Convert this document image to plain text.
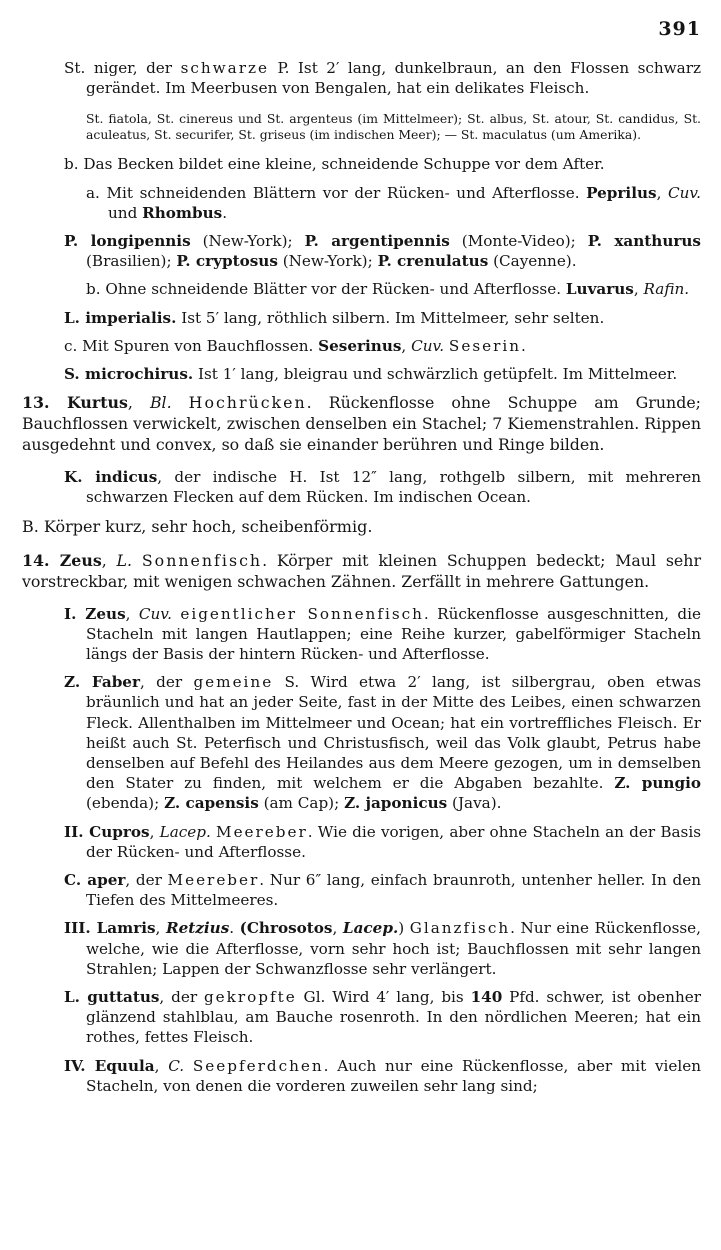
391

St. niger, der schwarze P. Ist 2′ lang, dunkelbraun, an den Flossen schwarz gerändet. Im Meerbusen von Bengalen, hat ein delikates Fleisch.

St. fiatola, St. cinereus und St. argenteus (im Mittelmeer); St. albus, St. atour, St. candidus, St. aculeatus, St. securifer, St. griseus (im indischen Meer); — St. maculatus (um Amerika).

b. Das Becken bildet eine kleine, schneidende Schuppe vor dem After.

a. Mit schneidenden Blättern vor der Rücken- und Afterflosse. Peprilus, Cuv. und Rhombus.

P. longipennis (New-York); P. argentipennis (Monte-Video); P. xanthurus (Brasilien); P. cryptosus (New-York); P. crenulatus (Cayenne).

b. Ohne schneidende Blätter vor der Rücken- und Afterflosse. Luvarus, Rafin.

L. imperialis. Ist 5′ lang, röthlich silbern. Im Mittelmeer, sehr selten.

c. Mit Spuren von Bauchflossen. Seserinus, Cuv. Seserin.

S. microchirus. Ist 1′ lang, bleigrau und schwärzlich getüpfelt. Im Mittelmeer.

13. Kurtus, Bl. Hochrücken. Rückenflosse ohne Schuppe am Grunde; Bauchflossen verwickelt, zwischen denselben ein Stachel; 7 Kiemenstrahlen. Rippen ausgedehnt und convex, so daß sie einander berühren und Ringe bilden.

K. indicus, der indische H. Ist 12″ lang, rothgelb silbern, mit mehreren schwarzen Flecken auf dem Rücken. Im indischen Ocean.

B. Körper kurz, sehr hoch, scheibenförmig.

14. Zeus, L. Sonnenfisch. Körper mit kleinen Schuppen bedeckt; Maul sehr vorstreckbar, mit wenigen schwachen Zähnen. Zerfällt in mehrere Gattungen.

I. Zeus, Cuv. eigentlicher Sonnenfisch. Rückenflosse ausgeschnitten, die Stacheln mit langen Hautlappen; eine Reihe kurzer, gabelförmiger Stacheln längs der Basis der hintern Rücken- und Afterflosse.

Z. Faber, der gemeine S. Wird etwa 2′ lang, ist silbergrau, oben etwas bräunlich und hat an jeder Seite, fast in der Mitte des Leibes, einen schwarzen Fleck. Allenthalben im Mittelmeer und Ocean; hat ein vortreffliches Fleisch. Er heißt auch St. Peterfisch und Christusfisch, weil das Volk glaubt, Petrus habe denselben auf Befehl des Heilandes aus dem Meere gezogen, um in demselben den Stater zu finden, mit welchem er die Abgaben bezahlte. Z. pungio (ebenda); Z. capensis (am Cap); Z. japonicus (Java).

II. Cupros, Lacep. Meereber. Wie die vorigen, aber ohne Stacheln an der Basis der Rücken- und Afterflosse.

C. aper, der Meereber. Nur 6″ lang, einfach braunroth, untenher heller. In den Tiefen des Mittelmeeres.

III. Lamris, Retzius. (Chrosotos, Lacep.) Glanzfisch. Nur eine Rückenflosse, welche, wie die Afterflosse, vorn sehr hoch ist; Bauchflossen mit sehr langen Strahlen; Lappen der Schwanzflosse sehr verlängert.

L. guttatus, der gekropfte Gl. Wird 4′ lang, bis 140 Pfd. schwer, ist obenher glänzend stahlblau, am Bauche rosenroth. In den nördlichen Meeren; hat ein rothes, fettes Fleisch.

IV. Equula, C. Seepferdchen. Auch nur eine Rückenflosse, aber mit vielen Stacheln, von denen die vorderen zuweilen sehr lang sind;
